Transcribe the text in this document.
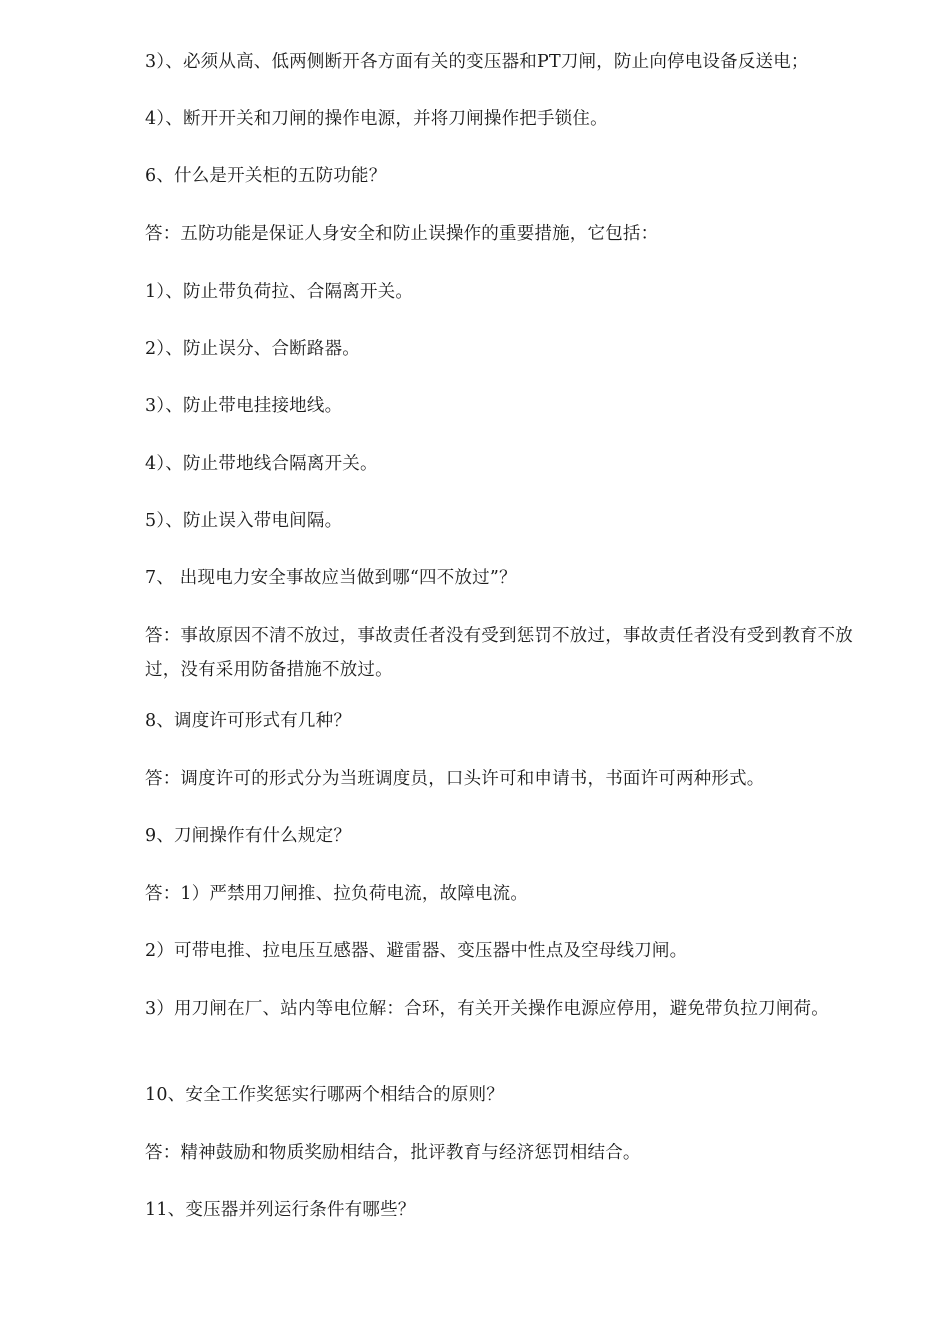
3）、必须从高、低两侧断开各方面有关的变压器和PT刀闸，防止向停电设备反送电；
4）、断开开关和刀闸的操作电源，并将刀闸操作把手锁住。
6、什么是开关柜的五防功能？
答：五防功能是保证人身安全和防止误操作的重要措施，它包括：
1）、防止带负荷拉、合隔离开关。
2）、防止误分、合断路器。
3）、防止带电挂接地线。
4）、防止带地线合隔离开关。
5）、防止误入带电间隔。
7、 出现电力安全事故应当做到哪“四不放过”？
答：事故原因不清不放过，事故责任者没有受到惩罚不放过，事故责任者没有受到教育不放过，没有采用防备措施不放过。
8、调度许可形式有几种？
答：调度许可的形式分为当班调度员，口头许可和申请书，书面许可两种形式。
9、刀闸操作有什么规定？
答：1）严禁用刀闸推、拉负荷电流，故障电流。
2）可带电推、拉电压互感器、避雷器、变压器中性点及空母线刀闸。
3）用刀闸在厂、站内等电位解：合环，有关开关操作电源应停用，避免带负拉刀闸荷。
10、安全工作奖惩实行哪两个相结合的原则？
答：精神鼓励和物质奖励相结合，批评教育与经济惩罚相结合。
11、变压器并列运行条件有哪些？
